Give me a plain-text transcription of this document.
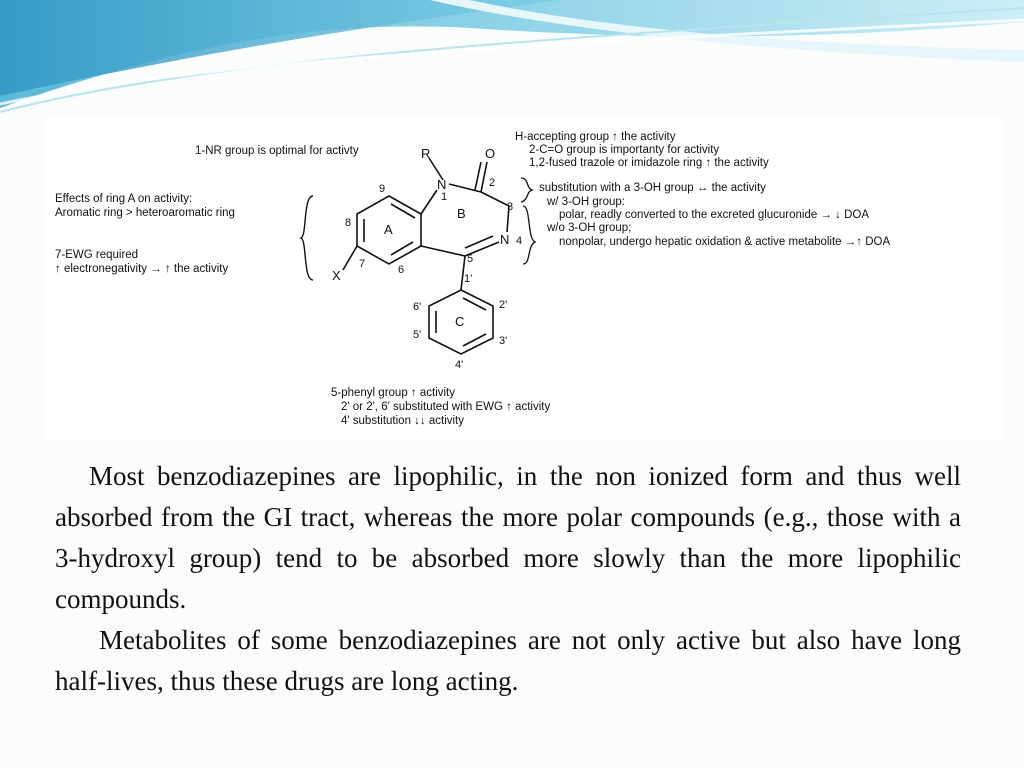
1-NR group is optimal for activty
Effects of ring A on activity:
Aromatic ring > heteroaromatic ring
7-EWG required
↑ electronegativity → ↑ the activity
H-accepting group ↑ the activity
2-C=O group is importanty for activity
1,2-fused trazole or imidazole ring ↑ the activity
substitution with a 3-OH group ↔ the activity
w/ 3-OH group:
polar, readly converted to the excreted glucuronide → ↓ DOA
w/o 3-OH group;
nonpolar, undergo hepatic oxidation & active metabolite →↑ DOA
5-phenyl group ↑ activity
2' or 2', 6' substituted with EWG ↑ activity
4' substitution ↓↓ activity
R	O
N
N
X
1
2
3
4
5
6
7
8
9
1'
2'
3'
4'
5'
6'
A
B
C

Most benzodiazepines are lipophilic, in the non ionized form and thus well absorbed from the GI tract, whereas the more polar compounds (e.g., those with a 3-hydroxyl group) tend to be absorbed more slowly than the more lipophilic compounds.

Metabolites of some benzodiazepines are not only active but also have long half-lives, thus these drugs are long acting.
